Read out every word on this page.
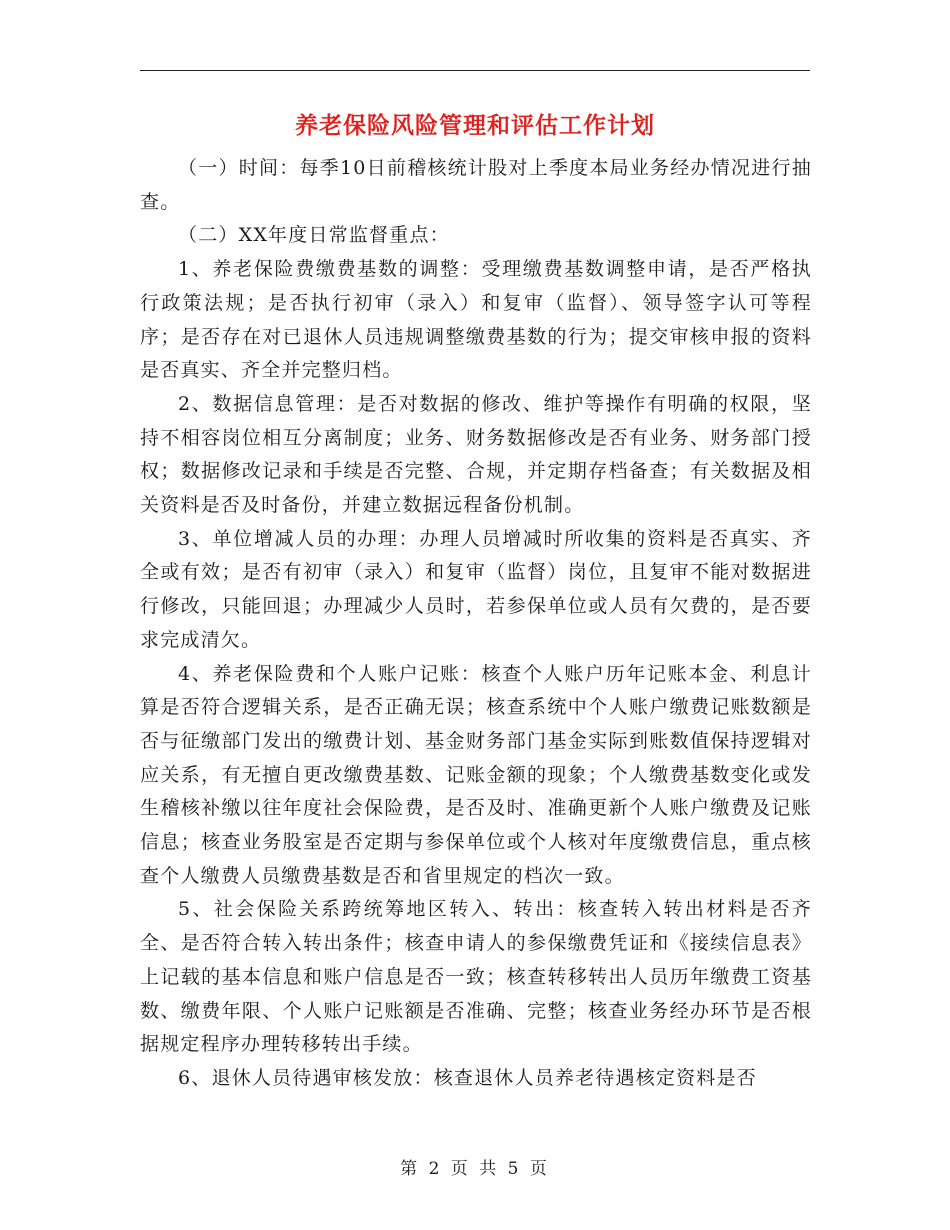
养老保险风险管理和评估工作计划

（一）时间：每季10日前稽核统计股对上季度本局业务经办情况进行抽查。

（二）XX年度日常监督重点：

1、养老保险费缴费基数的调整：受理缴费基数调整申请，是否严格执行政策法规；是否执行初审（录入）和复审（监督）、领导签字认可等程序；是否存在对已退休人员违规调整缴费基数的行为；提交审核申报的资料是否真实、齐全并完整归档。

2、数据信息管理：是否对数据的修改、维护等操作有明确的权限，坚持不相容岗位相互分离制度；业务、财务数据修改是否有业务、财务部门授权；数据修改记录和手续是否完整、合规，并定期存档备查；有关数据及相关资料是否及时备份，并建立数据远程备份机制。

3、单位增减人员的办理：办理人员增减时所收集的资料是否真实、齐全或有效；是否有初审（录入）和复审（监督）岗位，且复审不能对数据进行修改，只能回退；办理减少人员时，若参保单位或人员有欠费的，是否要求完成清欠。

4、养老保险费和个人账户记账：核查个人账户历年记账本金、利息计算是否符合逻辑关系，是否正确无误；核查系统中个人账户缴费记账数额是否与征缴部门发出的缴费计划、基金财务部门基金实际到账数值保持逻辑对应关系，有无擅自更改缴费基数、记账金额的现象；个人缴费基数变化或发生稽核补缴以往年度社会保险费，是否及时、准确更新个人账户缴费及记账信息；核查业务股室是否定期与参保单位或个人核对年度缴费信息，重点核查个人缴费人员缴费基数是否和省里规定的档次一致。

5、社会保险关系跨统筹地区转入、转出：核查转入转出材料是否齐全、是否符合转入转出条件；核查申请人的参保缴费凭证和《接续信息表》上记载的基本信息和账户信息是否一致；核查转移转出人员历年缴费工资基数、缴费年限、个人账户记账额是否准确、完整；核查业务经办环节是否根据规定程序办理转移转出手续。

6、退休人员待遇审核发放：核查退休人员养老待遇核定资料是否

第 2 页 共 5 页
